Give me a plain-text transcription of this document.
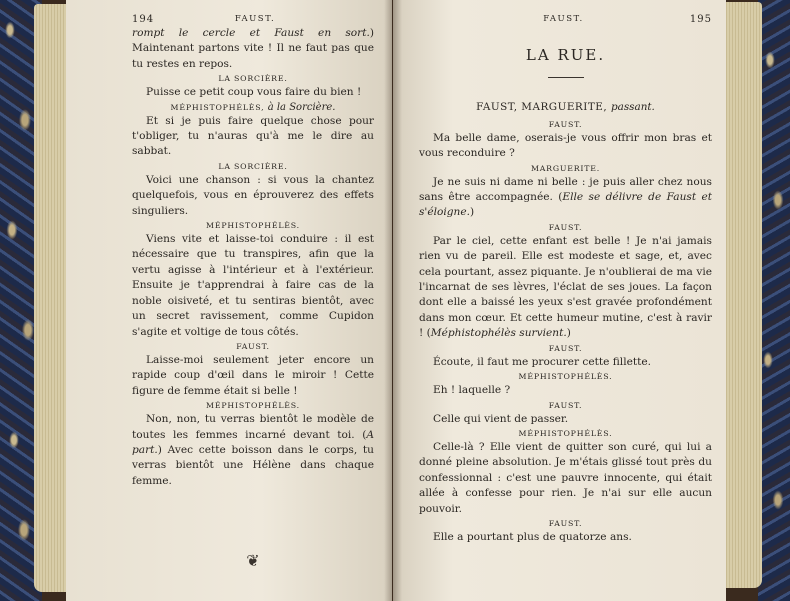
194	FAUST.

rompt le cercle et Faust en sort.) Maintenant partons vite ! Il ne faut pas que tu restes en repos.

LA SORCIÈRE.

Puisse ce petit coup vous faire du bien !

MÉPHISTOPHÉLÈS, à la Sorcière.

Et si je puis faire quelque chose pour t'obliger, tu n'auras qu'à me le dire au sabbat.

LA SORCIÈRE.

Voici une chanson : si vous la chantez quelquefois, vous en éprouverez des effets singuliers.

MÉPHISTOPHÉLÈS.

Viens vite et laisse-toi conduire : il est nécessaire que tu transpires, afin que la vertu agisse à l'intérieur et à l'extérieur. Ensuite je t'apprendrai à faire cas de la noble oisiveté, et tu sentiras bientôt, avec un secret ravissement, comme Cupidon s'agite et voltige de tous côtés.

FAUST.

Laisse-moi seulement jeter encore un rapide coup d'œil dans le miroir ! Cette figure de femme était si belle !

MÉPHISTOPHÉLÈS.

Non, non, tu verras bientôt le modèle de toutes les femmes incarné devant toi. (A part.) Avec cette boisson dans le corps, tu verras bientôt une Hélène dans chaque femme.

❦
FAUST.	195
LA RUE.
FAUST, MARGUERITE, passant.
FAUST.

Ma belle dame, oserais-je vous offrir mon bras et vous reconduire ?

MARGUERITE.

Je ne suis ni dame ni belle : je puis aller chez nous sans être accompagnée. (Elle se délivre de Faust et s'éloigne.)

FAUST.

Par le ciel, cette enfant est belle ! Je n'ai jamais rien vu de pareil. Elle est modeste et sage, et, avec cela pourtant, assez piquante. Je n'oublierai de ma vie l'incarnat de ses lèvres, l'éclat de ses joues. La façon dont elle a baissé les yeux s'est gravée profondément dans mon cœur. Et cette humeur mutine, c'est à ravir ! (Méphistophélès survient.)

FAUST.

Écoute, il faut me procurer cette fillette.

MÉPHISTOPHÉLÈS.

Eh ! laquelle ?

FAUST.

Celle qui vient de passer.

MÉPHISTOPHÉLÈS.

Celle-là ? Elle vient de quitter son curé, qui lui a donné pleine absolution. Je m'étais glissé tout près du confessionnal : c'est une pauvre innocente, qui était allée à confesse pour rien. Je n'ai sur elle aucun pouvoir.

FAUST.

Elle a pourtant plus de quatorze ans.
